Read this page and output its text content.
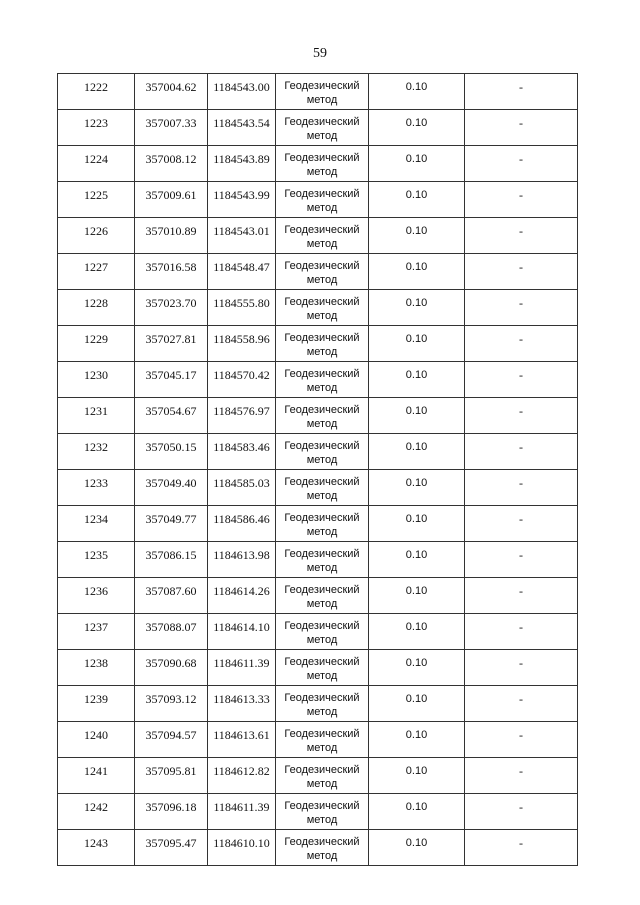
59
1222	357004.62	1184543.00	Геодезический метод	0.10	-

1223	357007.33	1184543.54	Геодезический метод	0.10	-

1224	357008.12	1184543.89	Геодезический метод	0.10	-

1225	357009.61	1184543.99	Геодезический метод	0.10	-

1226	357010.89	1184543.01	Геодезический метод	0.10	-

1227	357016.58	1184548.47	Геодезический метод	0.10	-

1228	357023.70	1184555.80	Геодезический метод	0.10	-

1229	357027.81	1184558.96	Геодезический метод	0.10	-

1230	357045.17	1184570.42	Геодезический метод	0.10	-

1231	357054.67	1184576.97	Геодезический метод	0.10	-

1232	357050.15	1184583.46	Геодезический метод	0.10	-

1233	357049.40	1184585.03	Геодезический метод	0.10	-

1234	357049.77	1184586.46	Геодезический метод	0.10	-

1235	357086.15	1184613.98	Геодезический метод	0.10	-

1236	357087.60	1184614.26	Геодезический метод	0.10	-

1237	357088.07	1184614.10	Геодезический метод	0.10	-

1238	357090.68	1184611.39	Геодезический метод	0.10	-

1239	357093.12	1184613.33	Геодезический метод	0.10	-

1240	357094.57	1184613.61	Геодезический метод	0.10	-

1241	357095.81	1184612.82	Геодезический метод	0.10	-

1242	357096.18	1184611.39	Геодезический метод	0.10	-

1243	357095.47	1184610.10	Геодезический метод	0.10	-
